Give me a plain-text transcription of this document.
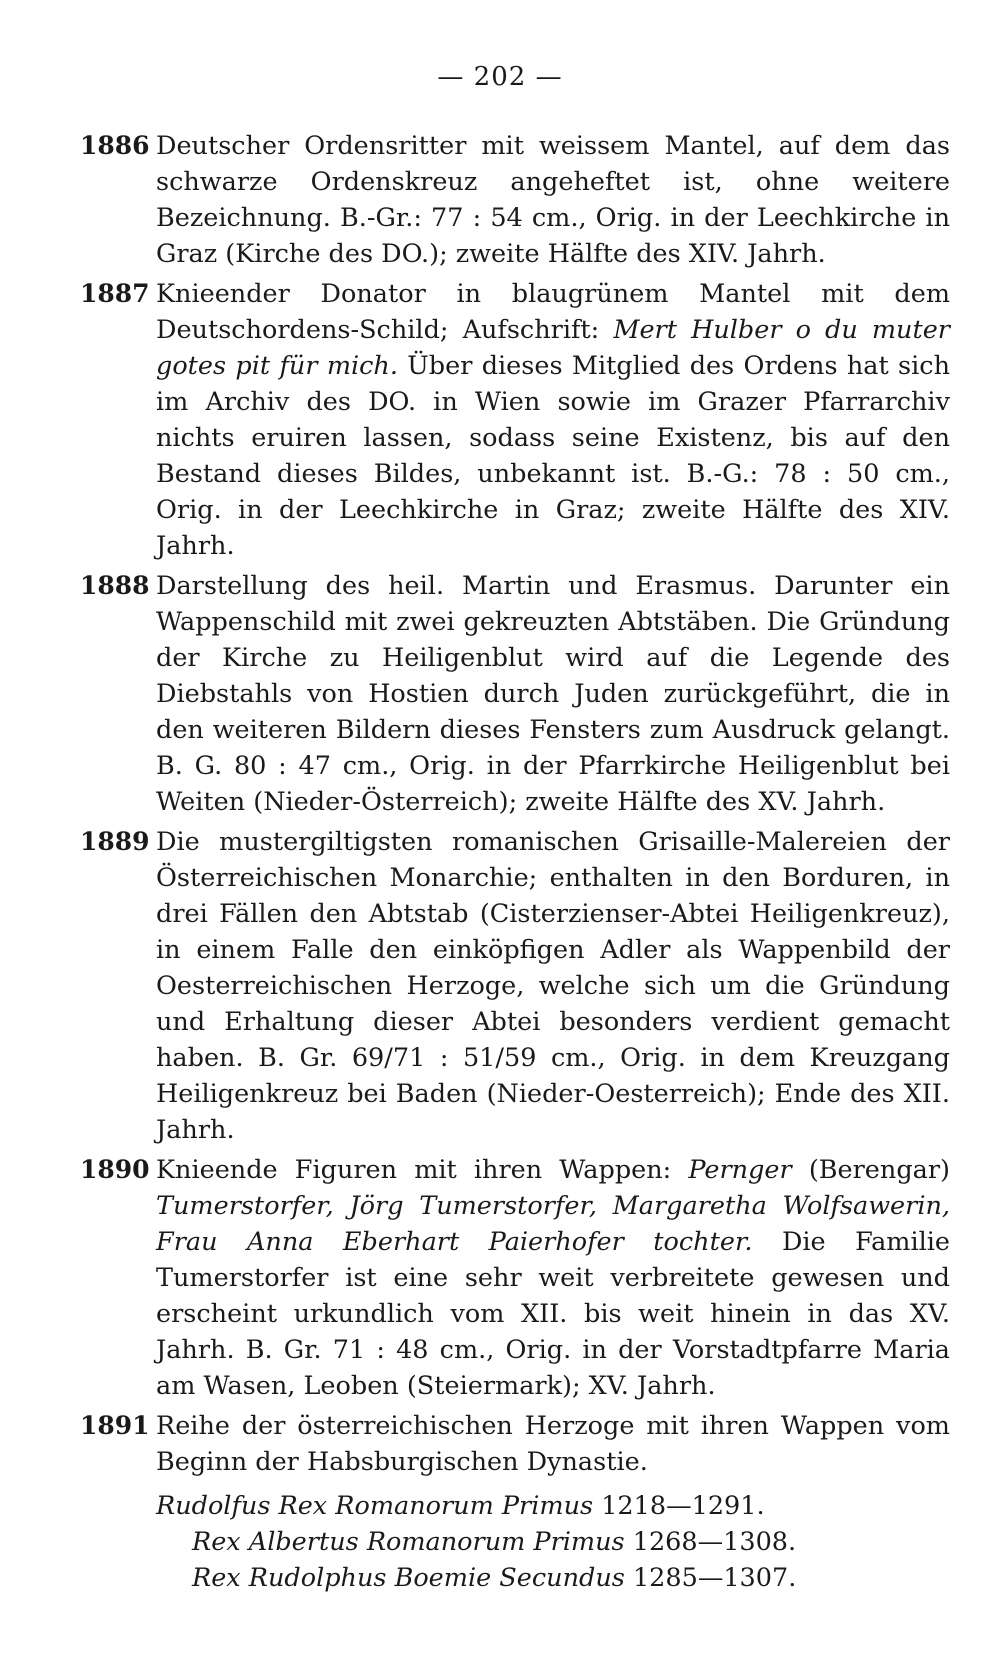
— 202 —
1886 Deutscher Ordensritter mit weissem Mantel, auf dem das schwarze Ordenskreuz angeheftet ist, ohne weitere Bezeichnung. B.-Gr.: 77 : 54 cm., Orig. in der Leechkirche in Graz (Kirche des DO.); zweite Hälfte des XIV. Jahrh.
1887 Knieender Donator in blaugrünem Mantel mit dem Deutschordens-Schild; Aufschrift: Mert Hulber o du muter gotes pit für mich. Über dieses Mitglied des Ordens hat sich im Archiv des DO. in Wien sowie im Grazer Pfarrarchiv nichts eruiren lassen, sodass seine Existenz, bis auf den Bestand dieses Bildes, unbekannt ist. B.-G.: 78 : 50 cm., Orig. in der Leechkirche in Graz; zweite Hälfte des XIV. Jahrh.
1888 Darstellung des heil. Martin und Erasmus. Darunter ein Wappenschild mit zwei gekreuzten Abtstäben. Die Gründung der Kirche zu Heiligenblut wird auf die Legende des Diebstahls von Hostien durch Juden zurückgeführt, die in den weiteren Bildern dieses Fensters zum Ausdruck gelangt. B. G. 80 : 47 cm., Orig. in der Pfarrkirche Heiligenblut bei Weiten (Nieder-Österreich); zweite Hälfte des XV. Jahrh.
1889 Die mustergiltigsten romanischen Grisaille-Malereien der Österreichischen Monarchie; enthalten in den Borduren, in drei Fällen den Abtstab (Cisterzienser-Abtei Heiligenkreuz), in einem Falle den einköpfigen Adler als Wappenbild der Oesterreichischen Herzoge, welche sich um die Gründung und Erhaltung dieser Abtei besonders verdient gemacht haben. B. Gr. 69/71 : 51/59 cm., Orig. in dem Kreuzgang Heiligenkreuz bei Baden (Nieder-Oesterreich); Ende des XII. Jahrh.
1890 Knieende Figuren mit ihren Wappen: Pernger (Berengar) Tumerstorfer, Jörg Tumerstorfer, Margaretha Wolfsawerin, Frau Anna Eberhart Paierhofer tochter. Die Familie Tumerstorfer ist eine sehr weit verbreitete gewesen und erscheint urkundlich vom XII. bis weit hinein in das XV. Jahrh. B. Gr. 71 : 48 cm., Orig. in der Vorstadtpfarre Maria am Wasen, Leoben (Steiermark); XV. Jahrh.
1891 Reihe der österreichischen Herzoge mit ihren Wappen vom Beginn der Habsburgischen Dynastie.
Rudolfus Rex Romanorum Primus 1218—1291.
Rex Albertus Romanorum Primus 1268—1308.
Rex Rudolphus Boemie Secundus 1285—1307.
